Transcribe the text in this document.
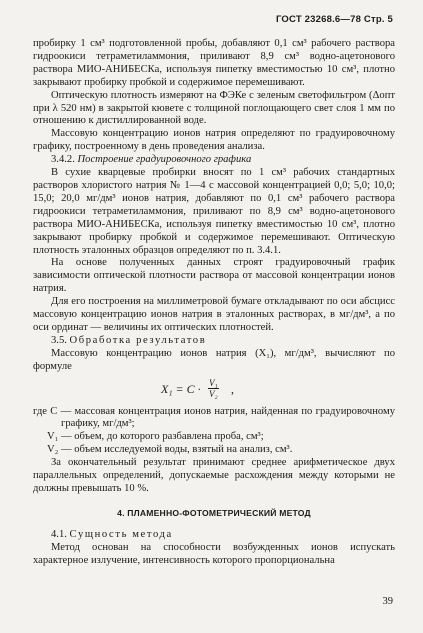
ГОСТ 23268.6—78 Стр. 5

пробирку 1 см³ подготовленной пробы, добавляют 0,1 см³ рабочего раствора гидроокиси тетраметиламмония, приливают 8,9 см³ водно-ацетонового раствора МИО-АНИБЕСКа, используя пипетку вместимостью 10 см³, плотно закрывают пробирку пробкой и содержимое перемешивают.

Оптическую плотность измеряют на ФЭКе с зеленым светофильтром (Δопт при λ 520 нм) в закрытой кювете с толщиной поглощающего свет слоя 1 мм по отношению к дистиллированной воде.

Массовую концентрацию ионов натрия определяют по градуировочному графику, построенному в день проведения анализа.

3.4.2. Построение градуировочного графика

В сухие кварцевые пробирки вносят по 1 см³ рабочих стандартных растворов хлористого натрия № 1—4 с массовой концентрацией 0,0; 5,0; 10,0; 15,0; 20,0 мг/дм³ ионов натрия, добавляют по 0,1 см³ рабочего раствора гидроокиси тетраметиламмония, приливают по 8,9 см³ водно-ацетонового раствора МИО-АНИБЕСКа, используя пипетку вместимостью 10 см³, плотно закрывают пробирку пробкой и содержимое перемешивают. Оптическую плотность эталонных образцов определяют по п. 3.4.1.

На основе полученных данных строят градуировочный график зависимости оптической плотности раствора от массовой концентрации ионов натрия.

Для его построения на миллиметровой бумаге откладывают по оси абсцисс массовую концентрацию ионов натрия в эталонных растворах, в мг/дм³, а по оси ординат — величины их оптических плотностей.

3.5. Обработка результатов

Массовую концентрацию ионов натрия (X₁), мг/дм³, вычисляют по формуле

$X_1 = C \cdot \frac{\text{V₁}}{\text{V₂}}$ ,

где C — массовая концентрация ионов натрия, найденная по градуировочному графику, мг/дм³;

V₁ — объем, до которого разбавлена проба, см³;

V₂ — объем исследуемой воды, взятый на анализ, см³.

За окончательный результат принимают среднее арифметическое двух параллельных определений, допускаемые расхождения между которыми не должны превышать 10 %.

4. ПЛАМЕННО-ФОТОМЕТРИЧЕСКИЙ МЕТОД

4.1. Сущность метода

Метод основан на способности возбужденных ионов испускать характерное излучение, интенсивность которого пропорциональна

39
